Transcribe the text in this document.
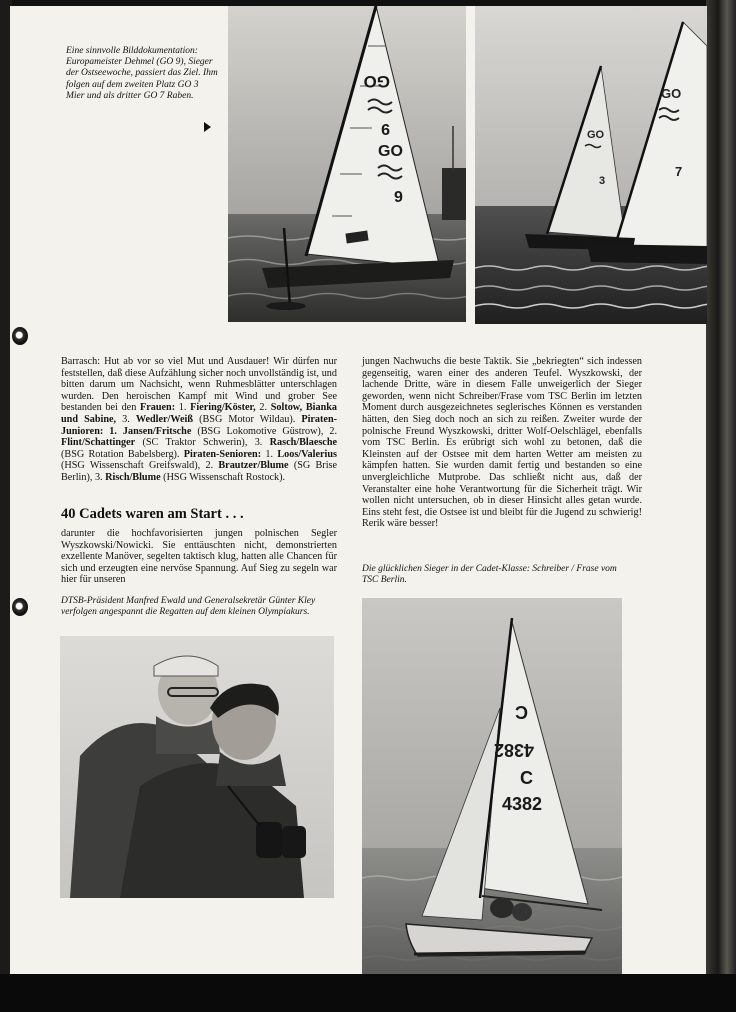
Eine sinnvolle Bilddokumentation: Europameister Dehmel (GO 9), Sieger der Ostseewoche, passiert das Ziel. Ihm folgen auf dem zweiten Platz GO 3 Mier und als dritter GO 7 Raben.
GO
9
GO
9
GO
3
GO
7
Barrasch: Hut ab vor so viel Mut und Ausdauer! Wir dürfen nur feststellen, daß diese Aufzählung sicher noch unvollständig ist, und bitten darum um Nachsicht, wenn Ruhmesblätter unterschlagen wurden. Den heroischen Kampf mit Wind und grober See bestanden bei den Frauen: 1. Fiering/Köster, 2. Soltow, Bianka und Sabine, 3. Wedler/Weiß (BSG Motor Wildau). Piraten-Junioren: 1. Jansen/Fritsche (BSG Lokomotive Güstrow), 2. Flint/Schattinger (SC Traktor Schwerin), 3. Rasch/Blaesche (BSG Rotation Babelsberg). Piraten-Senioren: 1. Loos/Valerius (HSG Wissenschaft Greifswald), 2. Brautzer/Blume (SG Brise Berlin), 3. Risch/Blume (HSG Wissenschaft Rostock).
40 Cadets waren am Start . . .
darunter die hochfavorisierten jungen polnischen Segler Wyszkowski/Nowicki. Sie enttäuschten nicht, demonstrierten exzellente Manöver, segelten taktisch klug, hatten alle Chancen für sich und erzeugten eine nervöse Spannung. Auf Sieg zu segeln war hier für unseren
DTSB-Präsident Manfred Ewald und Generalsekretär Günter Kley verfolgen angespannt die Regatten auf dem kleinen Olympiakurs.
jungen Nachwuchs die beste Taktik. Sie „bekriegten“ sich indessen gegenseitig, waren einer des anderen Teufel. Wyszkowski, der lachende Dritte, wäre in diesem Falle unweigerlich der Sieger geworden, wenn nicht Schreiber/Frase vom TSC Berlin im letzten Moment durch ausgezeichnetes seglerisches Können es verstanden hätten, den Sieg doch noch an sich zu reißen. Zweiter wurde der polnische Freund Wyszkowski, dritter Wolf-Oelschlägel, ebenfalls vom TSC Berlin. Es erübrigt sich wohl zu betonen, daß die Kleinsten auf der Ostsee mit dem harten Wetter am meisten zu kämpfen hatten. Sie wurden damit fertig und bestanden so eine unvergleichliche Mutprobe. Das schließt nicht aus, daß der Veranstalter eine hohe Verantwortung für die Sicherheit trägt. Wir wollen nicht untersuchen, ob in dieser Hinsicht alles getan wurde. Eins steht fest, die Ostsee ist und bleibt für die Jugend zu schwierig! Rerik wäre besser!
Die glücklichen Sieger in der Cadet-Klasse: Schreiber / Frase vom TSC Berlin.
C
4382
C
4382
